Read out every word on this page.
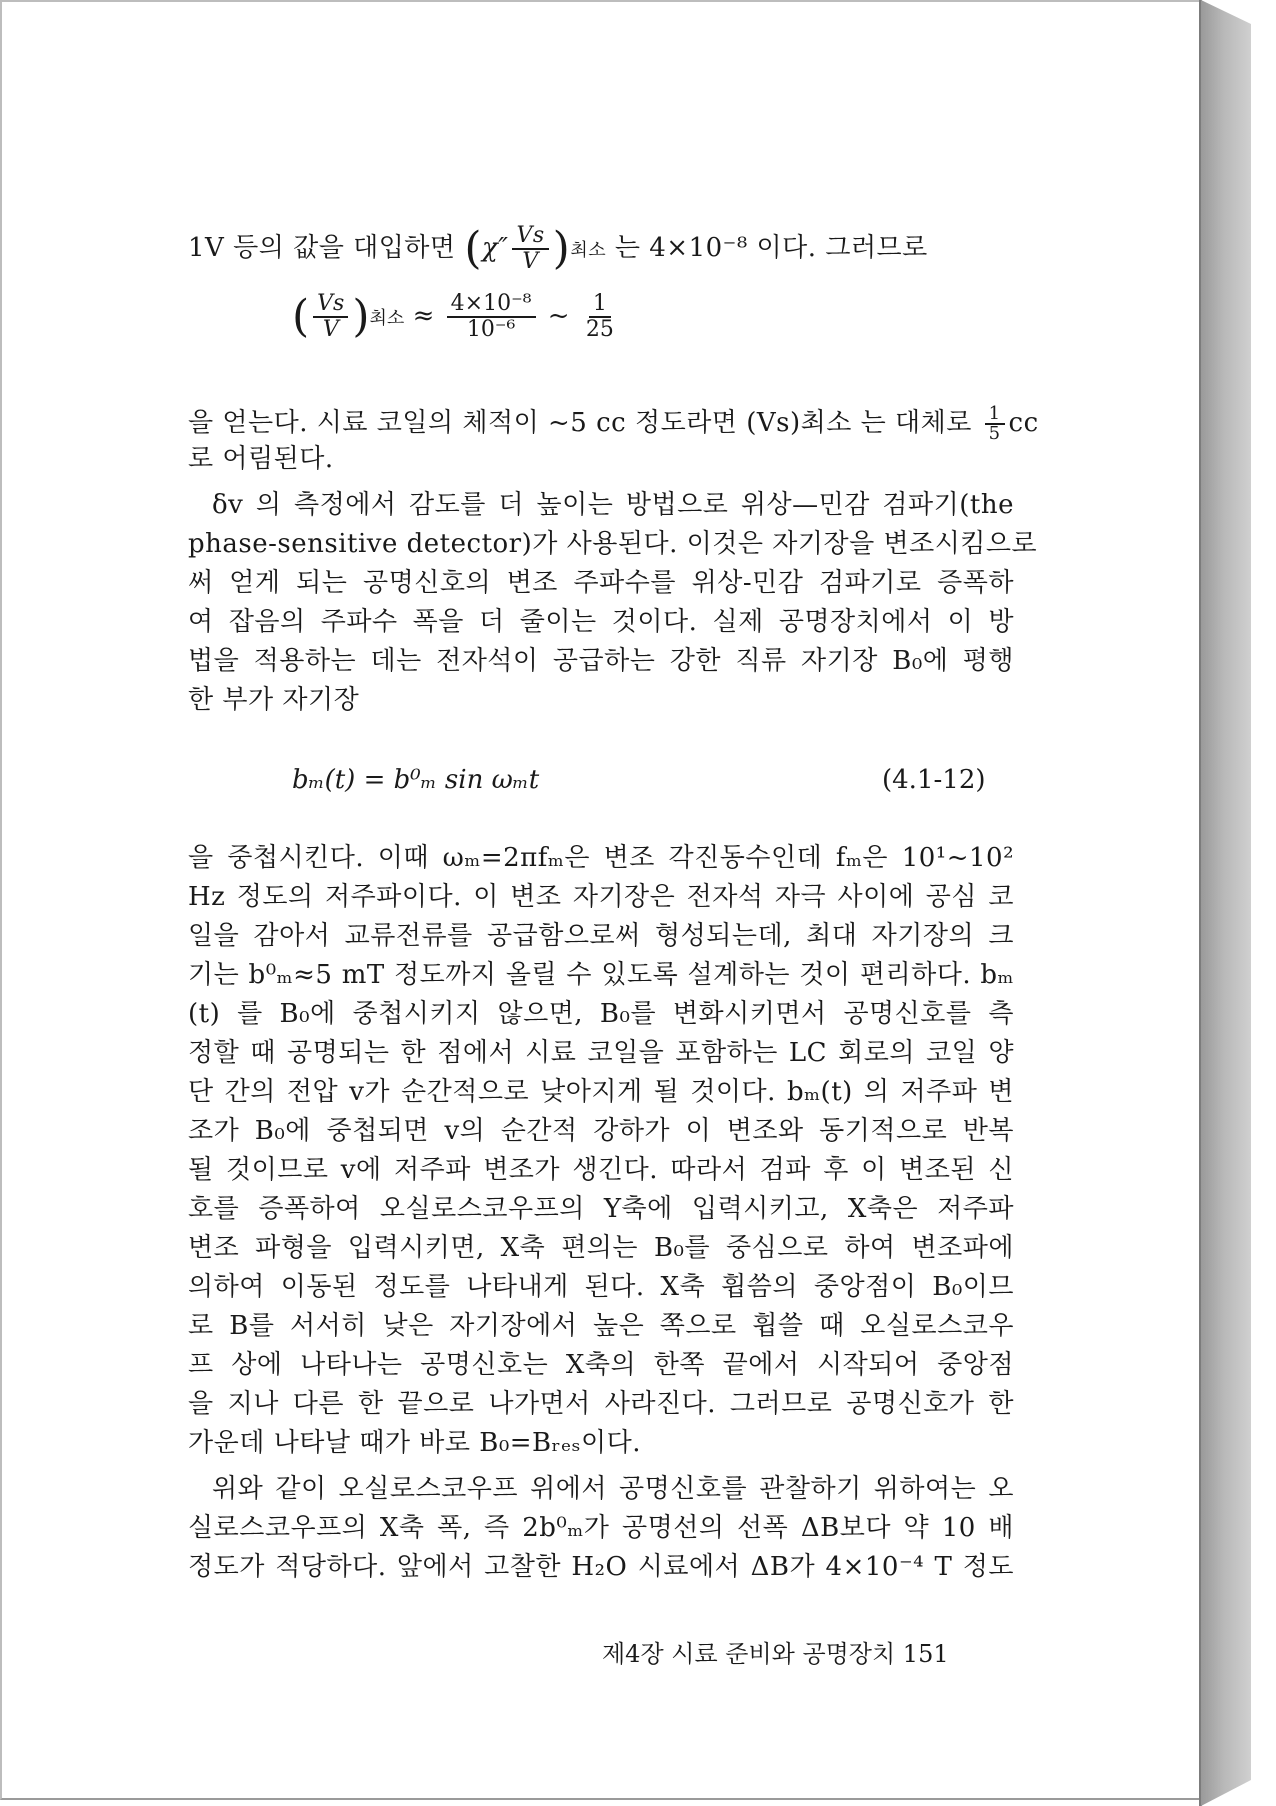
1V 등의 값을 대입하면 ($\chi'' \frac{Vs}{V}$ )최소 는 4×10⁻⁸ 이다. 그러므로
( $\frac{Vs}{V}$ )최소 ≈ $\frac{\text{4×10⁻⁸}}{\text{10⁻⁶}}$ ~ $\frac{1}{25}$
을 얻는다. 시료 코일의 체적이 ~5 cc 정도라면 (Vs)최소 는 대체로 $\frac{1}{5}$ cc
로 어림된다.
δv 의 측정에서 감도를 더 높이는 방법으로 위상—민감 검파기(the
phase-sensitive detector)가 사용된다. 이것은 자기장을 변조시킴으로
써 얻게 되는 공명신호의 변조 주파수를 위상-민감 검파기로 증폭하
여 잡음의 주파수 폭을 더 줄이는 것이다. 실제 공명장치에서 이 방
법을 적용하는 데는 전자석이 공급하는 강한 직류 자기장 B₀에 평행
한 부가 자기장
bₘ(t) = b⁰ₘ sin ωₘt	(4.1-12)
을 중첩시킨다. 이때 ωₘ=2πfₘ은 변조 각진동수인데 fₘ은 10¹~10²
Hz 정도의 저주파이다. 이 변조 자기장은 전자석 자극 사이에 공심 코
일을 감아서 교류전류를 공급함으로써 형성되는데, 최대 자기장의 크
기는 b⁰ₘ≈5 mT 정도까지 올릴 수 있도록 설계하는 것이 편리하다. bₘ
(t) 를 B₀에 중첩시키지 않으면, B₀를 변화시키면서 공명신호를 측
정할 때 공명되는 한 점에서 시료 코일을 포함하는 LC 회로의 코일 양
단 간의 전압 v가 순간적으로 낮아지게 될 것이다. bₘ(t) 의 저주파 변
조가 B₀에 중첩되면 v의 순간적 강하가 이 변조와 동기적으로 반복
될 것이므로 v에 저주파 변조가 생긴다. 따라서 검파 후 이 변조된 신
호를 증폭하여 오실로스코우프의 Y축에 입력시키고, X축은 저주파
변조 파형을 입력시키면, X축 편의는 B₀를 중심으로 하여 변조파에
의하여 이동된 정도를 나타내게 된다. X축 휩씀의 중앙점이 B₀이므
로 B를 서서히 낮은 자기장에서 높은 쪽으로 휩쓸 때 오실로스코우
프 상에 나타나는 공명신호는 X축의 한쪽 끝에서 시작되어 중앙점
을 지나 다른 한 끝으로 나가면서 사라진다. 그러므로 공명신호가 한
가운데 나타날 때가 바로 B₀=Bᵣₑₛ이다.
위와 같이 오실로스코우프 위에서 공명신호를 관찰하기 위하여는 오
실로스코우프의 X축 폭, 즉 2b⁰ₘ가 공명선의 선폭 ΔB보다 약 10 배
정도가 적당하다. 앞에서 고찰한 H₂O 시료에서 ΔB가 4×10⁻⁴ T 정도
제4장 시료 준비와 공명장치 151
